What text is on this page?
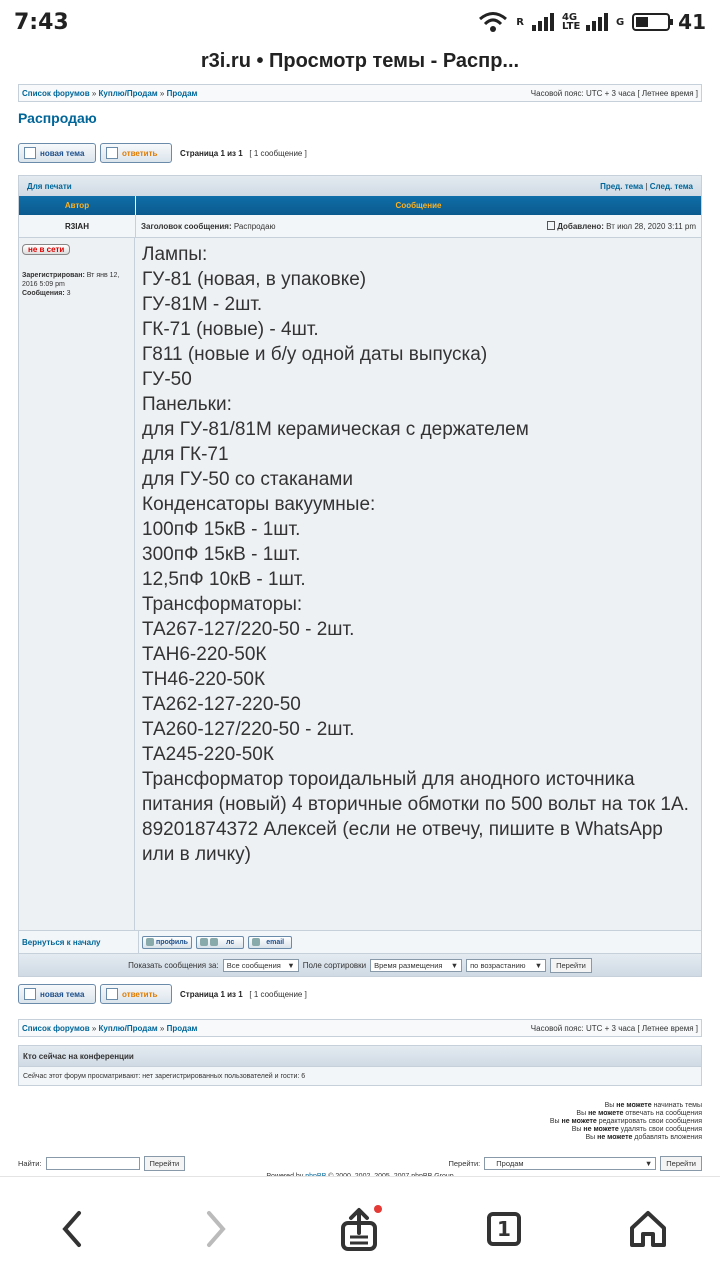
7:43	R	4G LTE	G	41
r3i.ru • Просмотр темы - Распр...
Список форумов » Куплю/Продам » Продам	Часовой пояс: UTC + 3 часа [ Летнее время ]
Распродаю
новая тема	ответить	Страница 1 из 1 [ 1 сообщение ]
Для печати	Пред. тема | След. тема
Автор	Сообщение
R3IAH	Заголовок сообщения: Распродаю	Добавлено: Вт июл 28, 2020 3:11 pm
не в сети
Зарегистрирован: Вт янв 12, 2016 5:09 pm
Сообщения: 3
Лампы:
ГУ-81 (новая, в упаковке)
ГУ-81М - 2шт.
ГК-71 (новые) - 4шт.
Г811 (новые и б/у одной даты выпуска)
ГУ-50
Панельки:
для ГУ-81/81М керамическая с держателем
для ГК-71
для ГУ-50 со стаканами
Конденсаторы вакуумные:
100пФ 15кВ - 1шт.
300пФ 15кВ - 1шт.
12,5пФ 10кВ - 1шт.
Трансформаторы:
ТА267-127/220-50 - 2шт.
ТАН6-220-50К
ТН46-220-50К
ТА262-127-220-50
ТА260-127/220-50 - 2шт.
ТА245-220-50К
Трансформатор тороидальный для анодного источника питания (новый) 4 вторичные обмотки по 500 вольт на ток 1А.
89201874372 Алексей (если не отвечу, пишите в WhatsApp или в личку)
Вернуться к началу	профиль	лс	email
Показать сообщения за: Все сообщения ▼ Поле сортировки Время размещения ▼ по возрастанию ▼	Перейти
новая тема	ответить	Страница 1 из 1 [ 1 сообщение ]
Список форумов » Куплю/Продам » Продам	Часовой пояс: UTC + 3 часа [ Летнее время ]
Кто сейчас на конференции
Сейчас этот форум просматривают: нет зарегистрированных пользователей и гости: 6
Вы не можете начинать темы
Вы не можете отвечать на сообщения
Вы не можете редактировать свои сообщения
Вы не можете удалять свои сообщения
Вы не можете добавлять вложения
Найти:	Перейти	Перейти:	Продам	▼	Перейти

1
